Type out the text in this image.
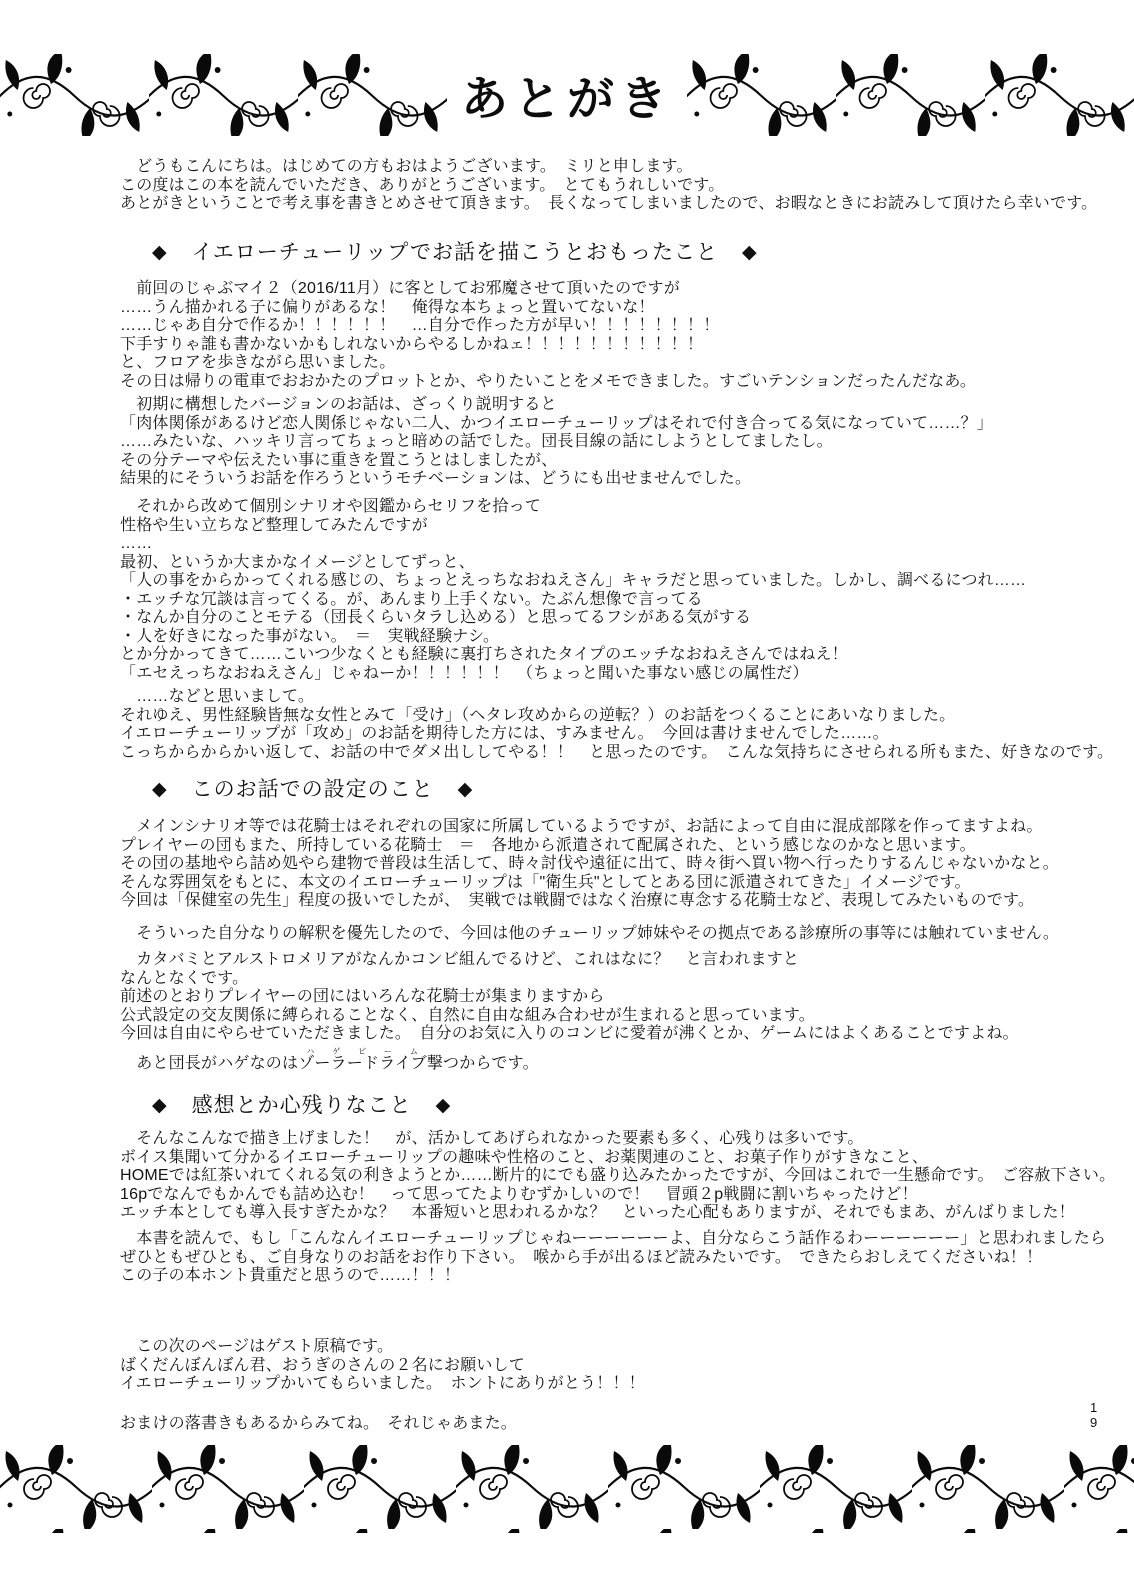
あとがき
　どうもこんにちは。はじめての方もおはようございます。　ミリと申します。
この度はこの本を読んでいただき、ありがとうございます。　とてもうれしいです。
あとがきということで考え事を書きとめさせて頂きます。　長くなってしまいましたので、お暇なときにお読みして頂けたら幸いです。
◆ イエローチューリップでお話を描こうとおもったこと ◆
　前回のじゃぶマイ２（2016/11月）に客としてお邪魔させて頂いたのですが
……うん描かれる子に偏りがあるな！　俺得な本ちょっと置いてないな！
……じゃあ自分で作るか！！！！！！　…自分で作った方が早い！！！！！！！！
下手すりゃ誰も書かないかもしれないからやるしかねェ！！！！！！！！！！！
と、フロアを歩きながら思いました。
その日は帰りの電車でおおかたのプロットとか、やりたいことをメモできました。すごいテンションだったんだなあ。
　初期に構想したバージョンのお話は、ざっくり説明すると
「肉体関係があるけど恋人関係じゃない二人、かつイエローチューリップはそれで付き合ってる気になっていて……？」
……みたいな、ハッキリ言ってちょっと暗めの話でした。団長目線の話にしようとしてましたし。
その分テーマや伝えたい事に重きを置こうとはしましたが、
結果的にそういうお話を作ろうというモチベーションは、どうにも出せませんでした。
　それから改めて個別シナリオや図鑑からセリフを拾って
性格や生い立ちなど整理してみたんですが
……
最初、というか大まかなイメージとしてずっと、
「人の事をからかってくれる感じの、ちょっとえっちなおねえさん」キャラだと思っていました。しかし、調べるにつれ……
・エッチな冗談は言ってくる。が、あんまり上手くない。たぶん想像で言ってる
・なんか自分のことモテる（団長くらいタラし込める）と思ってるフシがある気がする
・人を好きになった事がない。　＝　実戦経験ナシ。
とか分かってきて……こいつ少なくとも経験に裏打ちされたタイプのエッチなおねえさんではねえ！
「エセえっちなおねえさん」じゃねーか！！！！！！　（ちょっと聞いた事ない感じの属性だ）
　……などと思いまして。
それゆえ、男性経験皆無な女性とみて「受け」（ヘタレ攻めからの逆転？）のお話をつくることにあいなりました。
イエローチューリップが「攻め」のお話を期待した方には、すみません。　今回は書けませんでした……。
こっちからからかい返して、お話の中でダメ出ししてやる！！　と思ったのです。　こんな気持ちにさせられる所もまた、好きなのです。
◆ このお話での設定のこと ◆
　メインシナリオ等では花騎士はそれぞれの国家に所属しているようですが、お話によって自由に混成部隊を作ってますよね。
プレイヤーの団もまた、所持している花騎士　＝　各地から派遣されて配属された、という感じなのかなと思います。
その団の基地やら詰め処やら建物で普段は生活して、時々討伐や遠征に出て、時々街へ買い物へ行ったりするんじゃないかなと。
そんな雰囲気をもとに、本文のイエローチューリップは「"衛生兵"としてとある団に派遣されてきた」イメージです。
今回は「保健室の先生」程度の扱いでしたが、　実戦では戦闘ではなく治療に専念する花騎士など、表現してみたいものです。
　そういった自分なりの解釈を優先したので、今回は他のチューリップ姉妹やその拠点である診療所の事等には触れていません。
　カタバミとアルストロメリアがなんかコンビ組んでるけど、これはなに？　と言われますと
なんとなくです。
前述のとおりプレイヤーの団にはいろんな花騎士が集まりますから
公式設定の交友関係に縛られることなく、自然に自由な組み合わせが生まれると思っています。
今回は自由にやらせていただきました。　自分のお気に入りのコンビに愛着が沸くとか、ゲームにはよくあることですよね。
　あと団長がハゲなのはゾーラードライブハゲビーム撃つからです。
◆ 感想とか心残りなこと ◆
　そんなこんなで描き上げました！　が、活かしてあげられなかった要素も多く、心残りは多いです。
ボイス集聞いて分かるイエローチューリップの趣味や性格のこと、お薬関連のこと、お菓子作りがすきなこと、
HOMEでは紅茶いれてくれる気の利きようとか……断片的にでも盛り込みたかったですが、今回はこれで一生懸命です。　ご容赦下さい。
16pでなんでもかんでも詰め込む！　って思ってたよりむずかしいので！　冒頭２p戦闘に割いちゃったけど！
エッチ本としても導入長すぎたかな？　本番短いと思われるかな？　といった心配もありますが、それでもまあ、がんばりました！
　本書を読んで、もし「こんなんイエローチューリップじゃねーーーーーーよ、自分ならこう話作るわーーーーーー」と思われましたら
ぜひともぜひとも、ご自身なりのお話をお作り下さい。　喉から手が出るほど読みたいです。　できたらおしえてくださいね！！
この子の本ホント貴重だと思うので……！！！
　この次のページはゲスト原稿です。
ばくだんぼんぼん君、おうぎのさんの２名にお願いして
イエローチューリップかいてもらいました。　ホントにありがとう！！！
おまけの落書きもあるからみてね。　それじゃあまた。
1
9
